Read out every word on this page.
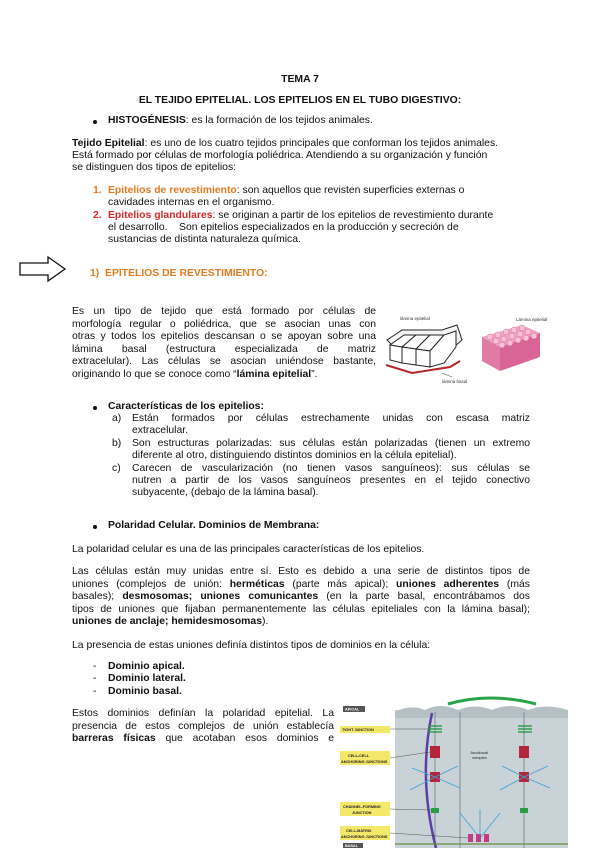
TEMA 7
EL TEJIDO EPITELIAL. LOS EPITELIOS EN EL TUBO DIGESTIVO:
HISTOGÉNESIS: es la formación de los tejidos animales.
Tejido Epitelial: es uno de los cuatro tejidos principales que conforman los tejidos animales.
Está formado por células de morfología poliédrica. Atendiendo a su organización y función
se distinguen dos tipos de epitelios:
1. Epitelios de revestimiento: son aquellos que revisten superficies externas o
cavidades internas en el organismo.
2. Epitelios glandulares: se originan a partir de los epitelios de revestimiento durante
el desarrollo.    Son epitelios especializados en la producción y secreción de
sustancias de distinta naturaleza química.
1)  EPITELIOS DE REVESTIMIENTO:
Es un tipo de tejido que está formado por células de
morfología regular o poliédrica, que se asocian unas con
otras y todos los epitelios descansan o se apoyan sobre una
lámina basal (estructura especializada de matriz
extracelular). Las células se asocian uniéndose bastante,
originando lo que se conoce como “lámina epitelial”.
lámina epitelial
lámina basal
Lámina epitelial
Características de los epitelios:
a) Están formados por células estrechamente unidas con escasa matriz
extracelular.
b) Son estructuras polarizadas: sus células están polarizadas (tienen un extremo
diferente al otro, distinguiendo distintos dominios en la célula epitelial).
c) Carecen de vascularización (no tienen vasos sanguíneos): sus células se
nutren a partir de los vasos sanguíneos presentes en el tejido conectivo
subyacente, (debajo de la lámina basal).
Polaridad Celular. Dominios de Membrana:
La polaridad celular es una de las principales características de los epitelios.
Las células están muy unidas entre sí. Esto es debido a una serie de distintos tipos de
uniones (complejos de unión: herméticas (parte más apical); uniones adherentes (más
basales); desmosomas; uniones comunicantes (en la parte basal, encontrábamos dos
tipos de uniones que fijaban permanentemente las células epiteliales con la lámina basal);
uniones de anclaje; hemidesmosomas).
La presencia de estas uniones definía distintos tipos de dominios en la célula:
- Dominio apical.
- Dominio lateral.
- Dominio basal.
Estos dominios definían la polaridad epitelial. La
presencia de estos complejos de unión establecía
barreras físicas que acotaban esos dominios e
APICAL
TIGHT JUNCTION
CELL-CELL
ANCHORING JUNCTIONS
CHANNEL-FORMING
JUNCTION
CELL-MATRIX
ANCHORING JUNCTIONS
BASAL
Junctional
complex
